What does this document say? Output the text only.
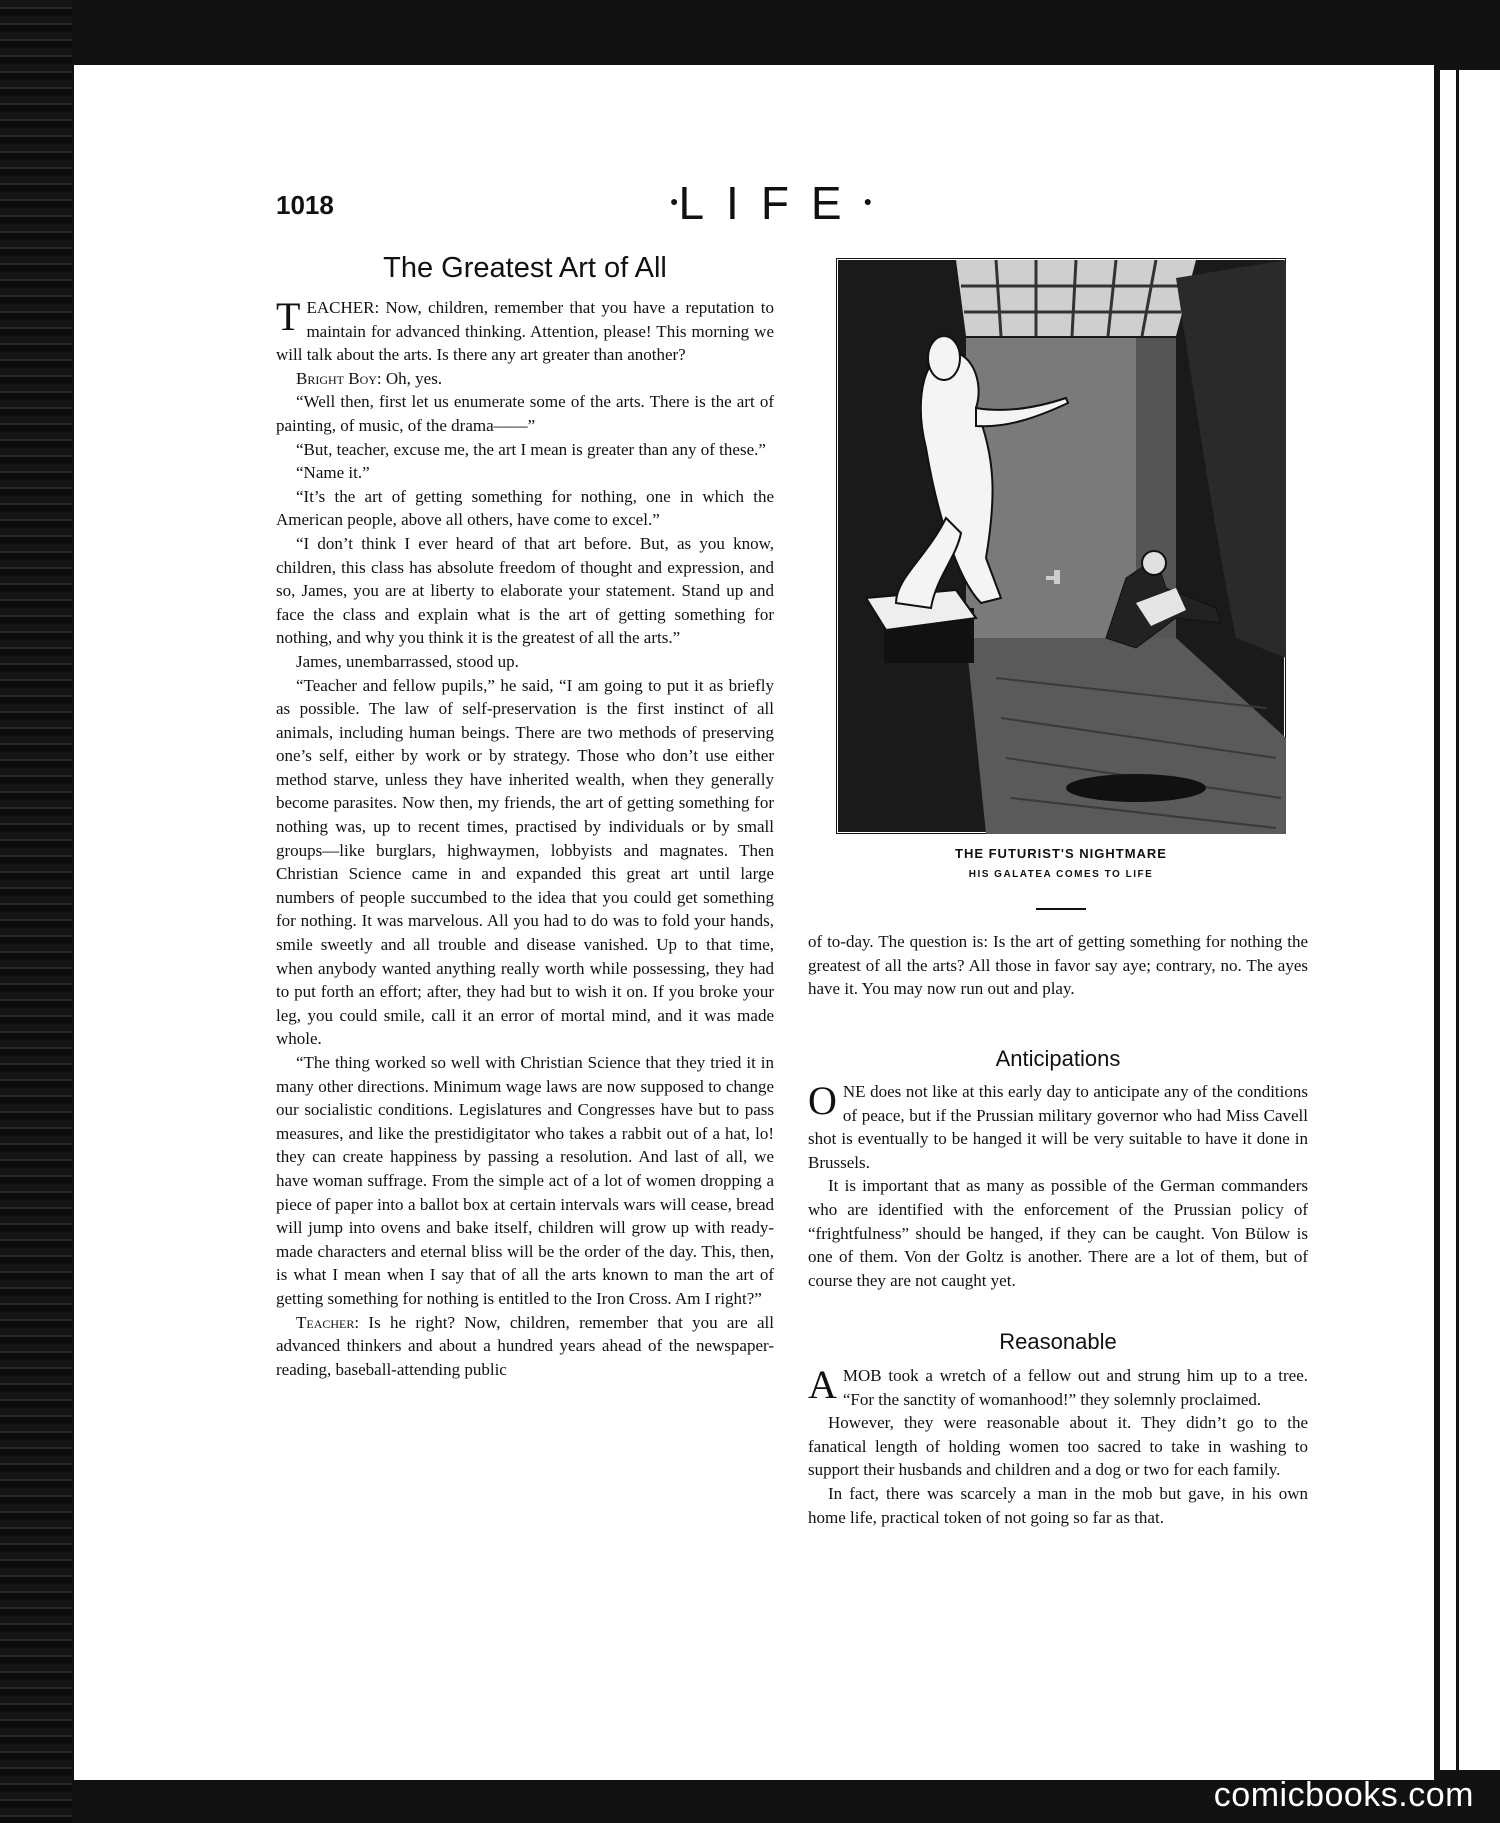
1018	●LIFE●
The Greatest Art of All

TEACHER: Now, children, remember that you have a reputation to maintain for advanced thinking. Attention, please! This morning we will talk about the arts. Is there any art greater than another?

Bright Boy: Oh, yes.

“Well then, first let us enumerate some of the arts. There is the art of painting, of music, of the drama——”

“But, teacher, excuse me, the art I mean is greater than any of these.”

“Name it.”

“It’s the art of getting something for nothing, one in which the American people, above all others, have come to excel.”

“I don’t think I ever heard of that art before. But, as you know, children, this class has absolute freedom of thought and expression, and so, James, you are at liberty to elaborate your statement. Stand up and face the class and explain what is the art of getting something for nothing, and why you think it is the greatest of all the arts.”

James, unembarrassed, stood up.

“Teacher and fellow pupils,” he said, “I am going to put it as briefly as possible. The law of self-preservation is the first instinct of all animals, including human beings. There are two methods of preserving one’s self, either by work or by strategy. Those who don’t use either method starve, unless they have inherited wealth, when they generally become parasites. Now then, my friends, the art of getting something for nothing was, up to recent times, practised by individuals or by small groups—like burglars, highwaymen, lobbyists and magnates. Then Christian Science came in and expanded this great art until large numbers of people succumbed to the idea that you could get something for nothing. It was marvelous. All you had to do was to fold your hands, smile sweetly and all trouble and disease vanished. Up to that time, when anybody wanted anything really worth while possessing, they had to put forth an effort; after, they had but to wish it on. If you broke your leg, you could smile, call it an error of mortal mind, and it was made whole.

“The thing worked so well with Christian Science that they tried it in many other directions. Minimum wage laws are now supposed to change our socialistic conditions. Legislatures and Congresses have but to pass measures, and like the prestidigitator who takes a rabbit out of a hat, lo! they can create happiness by passing a resolution. And last of all, we have woman suffrage. From the simple act of a lot of women dropping a piece of paper into a ballot box at certain intervals wars will cease, bread will jump into ovens and bake itself, children will grow up with ready-made characters and eternal bliss will be the order of the day. This, then, is what I mean when I say that of all the arts known to man the art of getting something for nothing is entitled to the Iron Cross. Am I right?”

Teacher: Is he right? Now, children, remember that you are all advanced thinkers and about a hundred years ahead of the newspaper-reading, baseball-attending public

THE FUTURIST'S NIGHTMARE
HIS GALATEA COMES TO LIFE

of to-day. The question is: Is the art of getting something for nothing the greatest of all the arts? All those in favor say aye; contrary, no. The ayes have it. You may now run out and play.

Anticipations

ONE does not like at this early day to anticipate any of the conditions of peace, but if the Prussian military governor who had Miss Cavell shot is eventually to be hanged it will be very suitable to have it done in Brussels.

It is important that as many as possible of the German commanders who are identified with the enforcement of the Prussian policy of “frightfulness” should be hanged, if they can be caught. Von Bülow is one of them. Von der Goltz is another. There are a lot of them, but of course they are not caught yet.

Reasonable

AMOB took a wretch of a fellow out and strung him up to a tree. “For the sanctity of womanhood!” they solemnly proclaimed.

However, they were reasonable about it. They didn’t go to the fanatical length of holding women too sacred to take in washing to support their husbands and children and a dog or two for each family.

In fact, there was scarcely a man in the mob but gave, in his own home life, practical token of not going so far as that.

comicbooks.com
